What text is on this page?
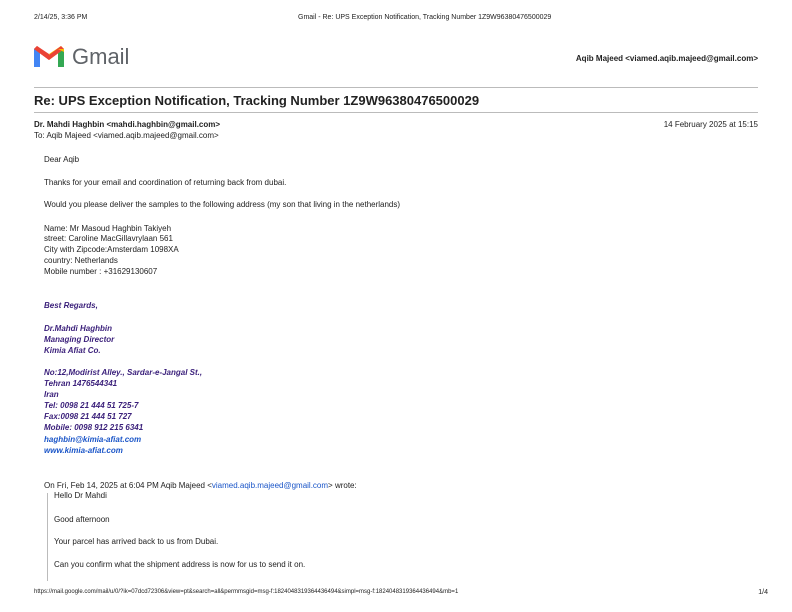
2/14/25, 3:36 PM	Gmail - Re: UPS Exception Notification, Tracking Number 1Z9W96380476500029
Gmail	Aqib Majeed <viamed.aqib.majeed@gmail.com>
Re: UPS Exception Notification, Tracking Number 1Z9W96380476500029
Dr. Mahdi Haghbin <mahdi.haghbin@gmail.com>
To: Aqib Majeed <viamed.aqib.majeed@gmail.com>
14 February 2025 at 15:15
Dear Aqib
Thanks for your email and coordination of returning back from dubai.
Would you please deliver the samples to the following address (my son that living in the netherlands)
Name: Mr Masoud Haghbin Takiyeh
street: Caroline MacGillavrylaan 561
City with Zipcode:Amsterdam 1098XA
country: Netherlands
Mobile number : +31629130607
Best Regards,
Dr.Mahdi Haghbin
Managing Director
Kimia Afiat Co.
No:12,Modirist Alley., Sardar-e-Jangal St.,
Tehran 1476544341
Iran
Tel: 0098 21 444 51 725-7
Fax:0098 21 444 51 727
Mobile: 0098 912 215 6341
haghbin@kimia-afiat.com
www.kimia-afiat.com
On Fri, Feb 14, 2025 at 6:04 PM Aqib Majeed <viamed.aqib.majeed@gmail.com> wrote:
Hello Dr Mahdi
Good afternoon
Your parcel has arrived back to us from Dubai.
Can you confirm what the shipment address is now for us to send it on.
https://mail.google.com/mail/u/0/?ik=07dcd72306&view=pt&search=all&permmsgid=msg-f:1824048319364436494&simpl=msg-f:1824048319364436494&mb=1	1/4
